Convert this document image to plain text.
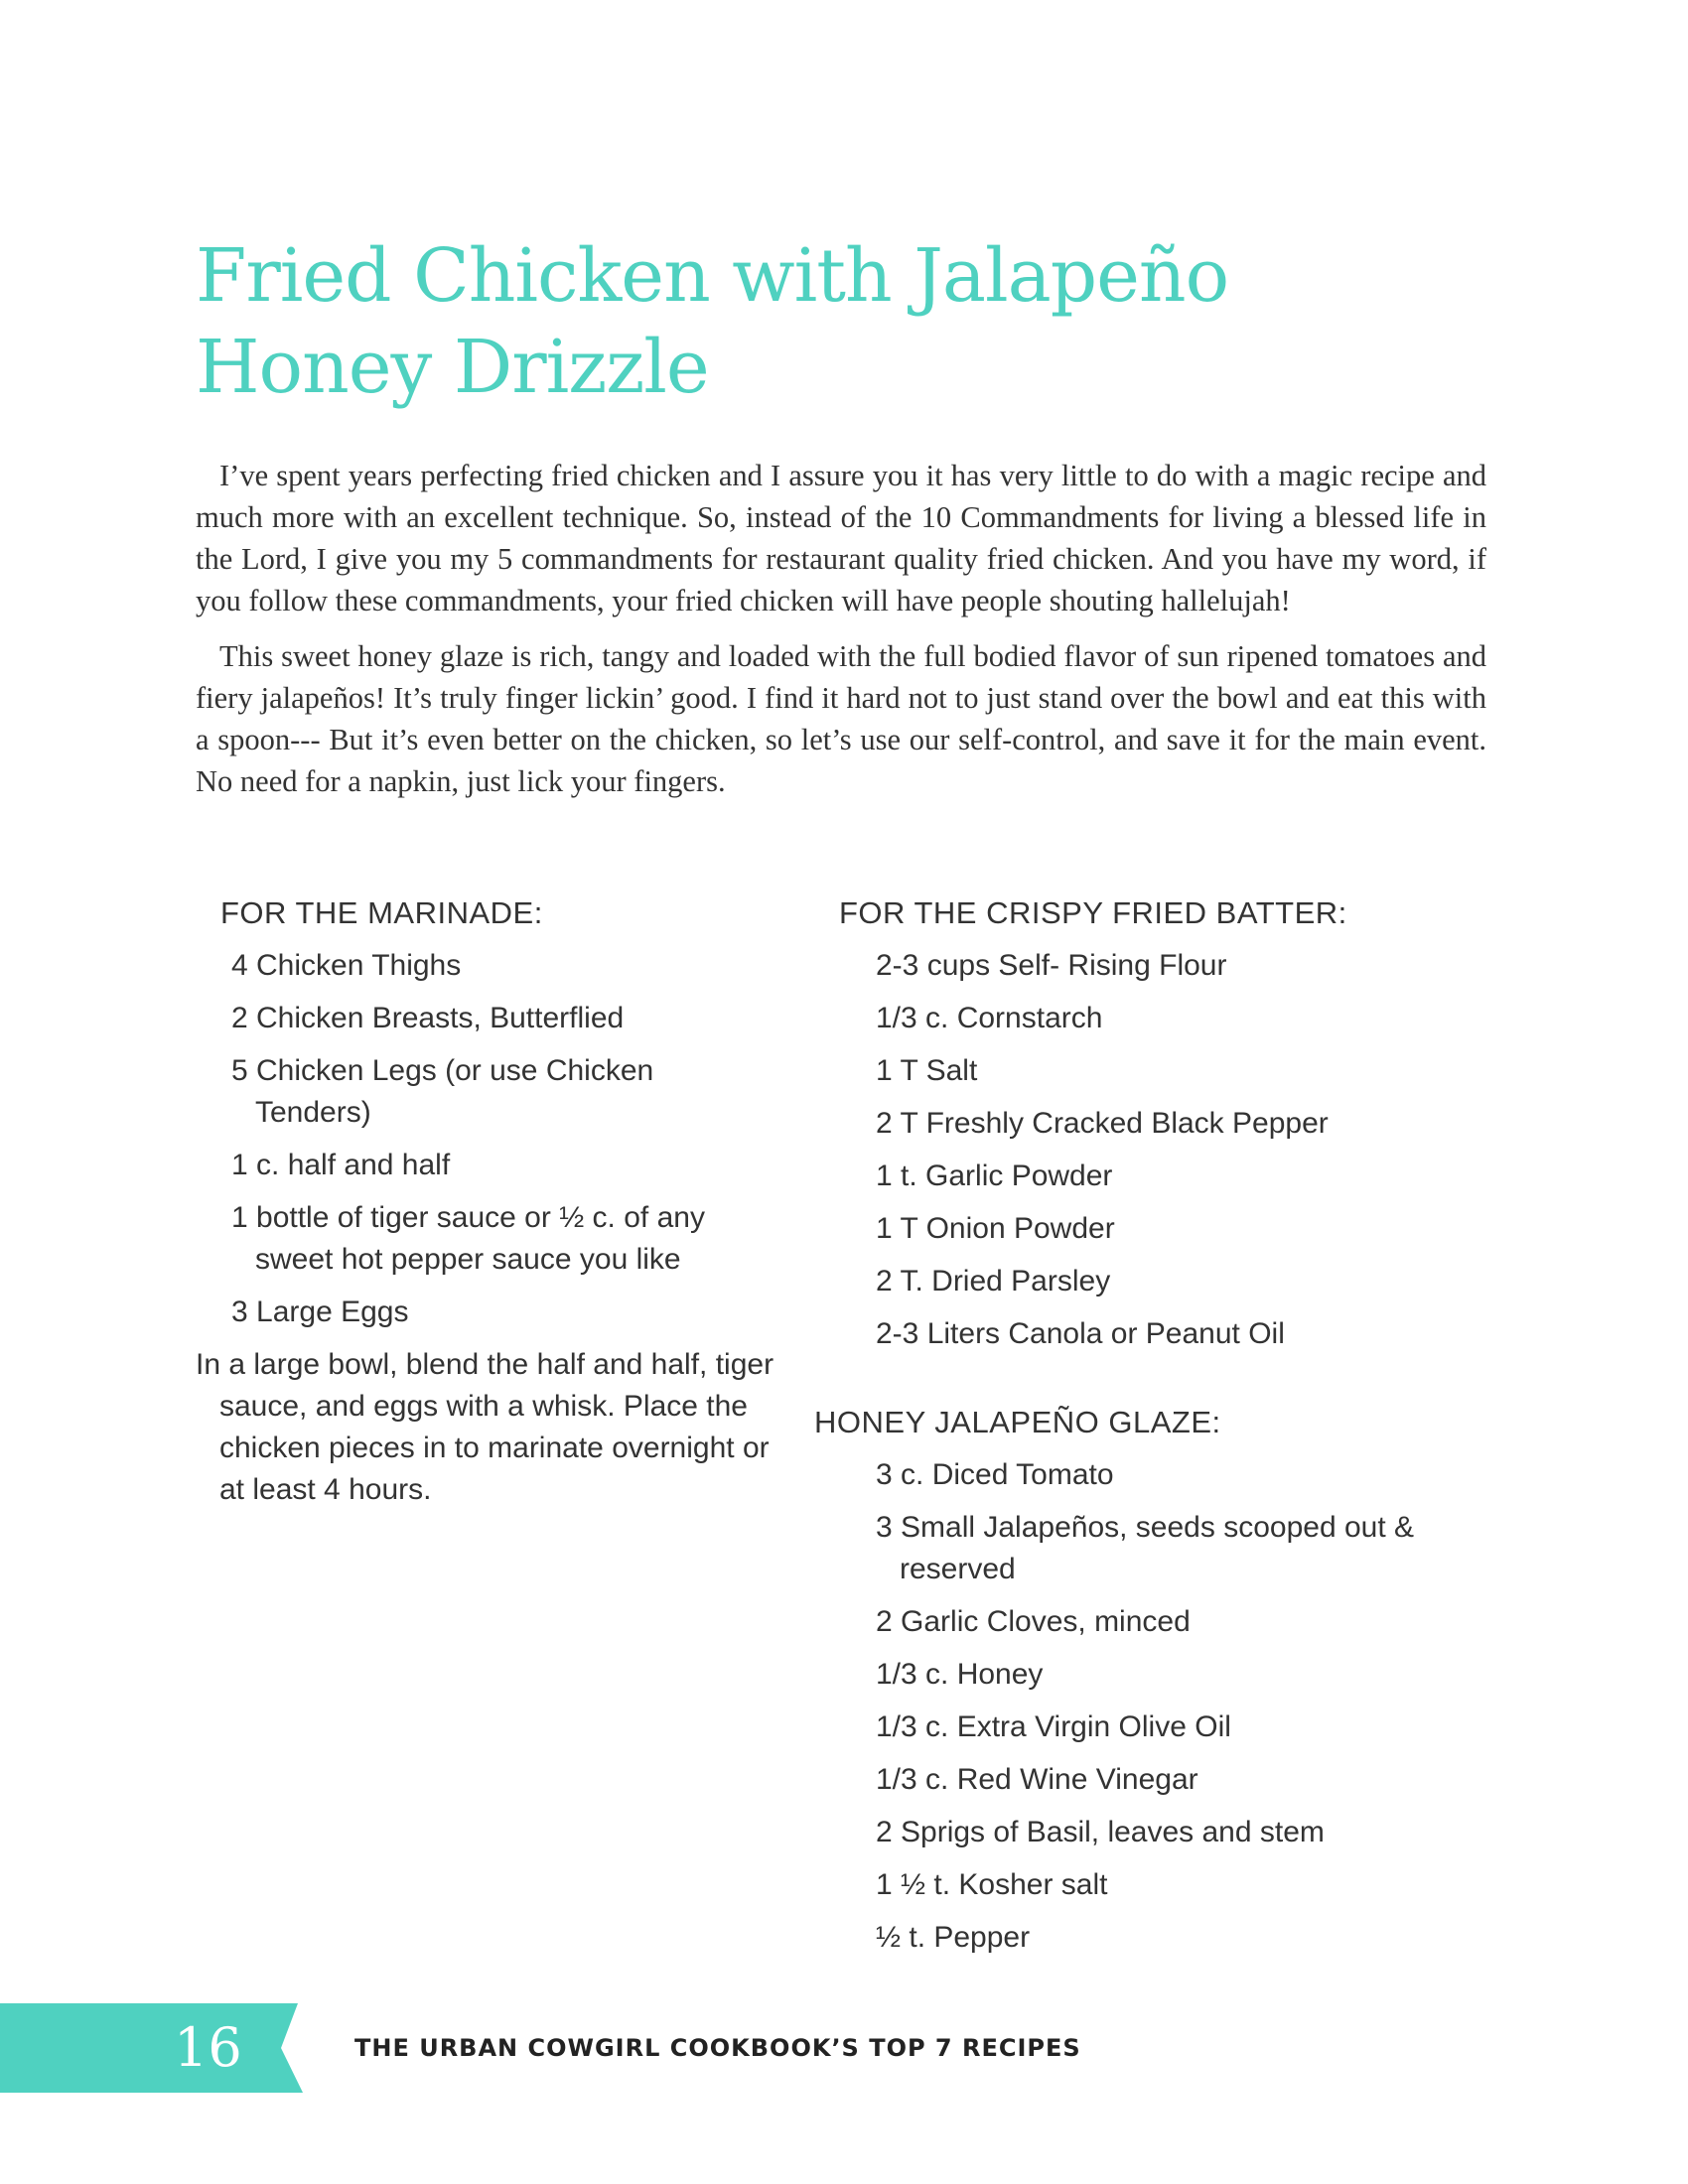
Fried Chicken with Jalapeño
Honey Drizzle

I’ve spent years perfecting fried chicken and I assure you it has very little to do with a magic recipe and much more with an excellent technique. So, instead of the 10 Commandments for living a blessed life in the Lord, I give you my 5 commandments for restaurant quality fried chicken. And you have my word, if you follow these commandments, your fried chicken will have people shouting hallelujah!

This sweet honey glaze is rich, tangy and loaded with the full bodied flavor of sun ripened tomatoes and fiery jalapeños! It’s truly finger lickin’ good. I find it hard not to just stand over the bowl and eat this with a spoon--- But it’s even better on the chicken, so let’s use our self-control, and save it for the main event. No need for a napkin, just lick your fingers.

FOR THE MARINADE:
4 Chicken Thighs
2 Chicken Breasts, Butterflied
5 Chicken Legs (or use Chicken Tenders)
1 c. half and half
1 bottle of tiger sauce or ½ c. of any sweet hot pepper sauce you like
3 Large Eggs

In a large bowl, blend the half and half, tiger sauce, and eggs with a whisk. Place the chicken pieces in to marinate overnight or at least 4 hours.

FOR THE CRISPY FRIED BATTER:
2-3 cups Self- Rising Flour
1/3 c. Cornstarch
1 T Salt
2 T Freshly Cracked Black Pepper
1 t. Garlic Powder
1 T Onion Powder
2 T. Dried Parsley
2-3 Liters Canola or Peanut Oil
HONEY JALAPEÑO GLAZE:
3 c. Diced Tomato
3 Small Jalapeños, seeds scooped out & reserved
2 Garlic Cloves, minced
1/3 c. Honey
1/3 c. Extra Virgin Olive Oil
1/3 c. Red Wine Vinegar
2 Sprigs of Basil, leaves and stem
1 ½ t. Kosher salt
½ t. Pepper
16	THE URBAN COWGIRL COOKBOOK’S TOP 7 RECIPES
